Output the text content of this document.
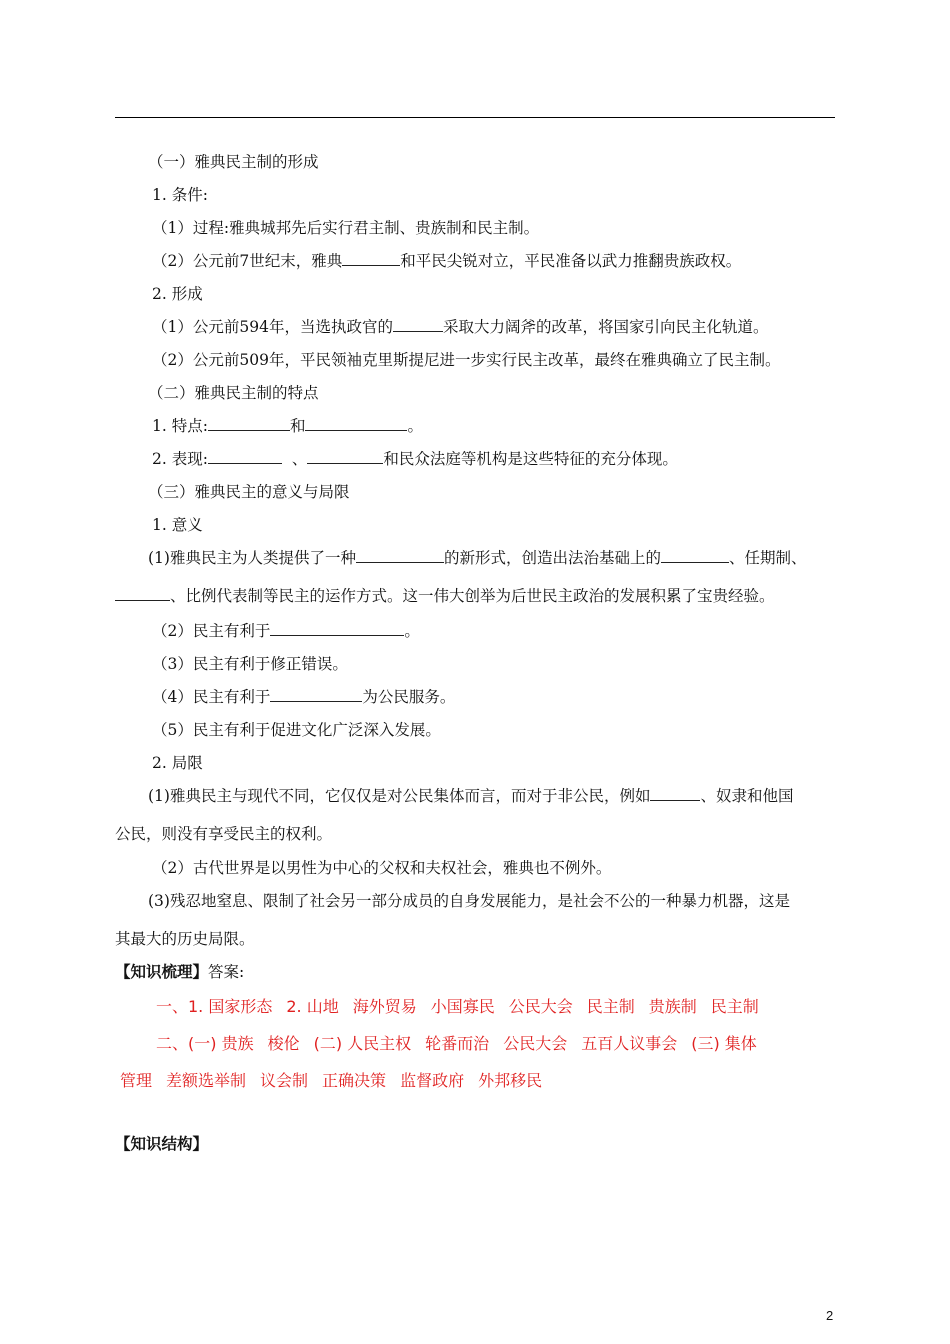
（一）雅典民主制的形成
1. 条件:
（1）过程:雅典城邦先后实行君主制、贵族制和民主制。
（2）公元前7世纪末，雅典	和平民尖锐对立，平民准备以武力推翻贵族政权。
2. 形成
（1）公元前594年，当选执政官的	采取大力阔斧的改革，将国家引向民主化轨道。
（2）公元前509年，平民领袖克里斯提尼进一步实行民主改革，最终在雅典确立了民主制。
（二）雅典民主制的特点
1. 特点:	和	。
2. 表现:	、	和民众法庭等机构是这些特征的充分体现。
（三）雅典民主的意义与局限
1. 意义
(1)雅典民主为人类提供了一种	的新形式，创造出法治基础上的	、任期制、
、比例代表制等民主的运作方式。这一伟大创举为后世民主政治的发展积累了宝贵经验。
（2）民主有利于	。
（3）民主有利于修正错误。
（4）民主有利于	为公民服务。
（5）民主有利于促进文化广泛深入发展。
2. 局限
(1)雅典民主与现代不同，它仅仅是对公民集体而言，而对于非公民，例如	、奴隶和他国
公民，则没有享受民主的权利。
（2）古代世界是以男性为中心的父权和夫权社会，雅典也不例外。
(3)残忍地窒息、限制了社会另一部分成员的自身发展能力，是社会不公的一种暴力机器，这是
其最大的历史局限。
【知识梳理】答案:
一、1. 国家形态 2. 山地 海外贸易 小国寡民 公民大会 民主制 贵族制 民主制
二、(一) 贵族 梭伦 (二) 人民主权 轮番而治 公民大会 五百人议事会 (三) 集体
管理 差额选举制 议会制 正确决策 监督政府 外邦移民
【知识结构】
2
